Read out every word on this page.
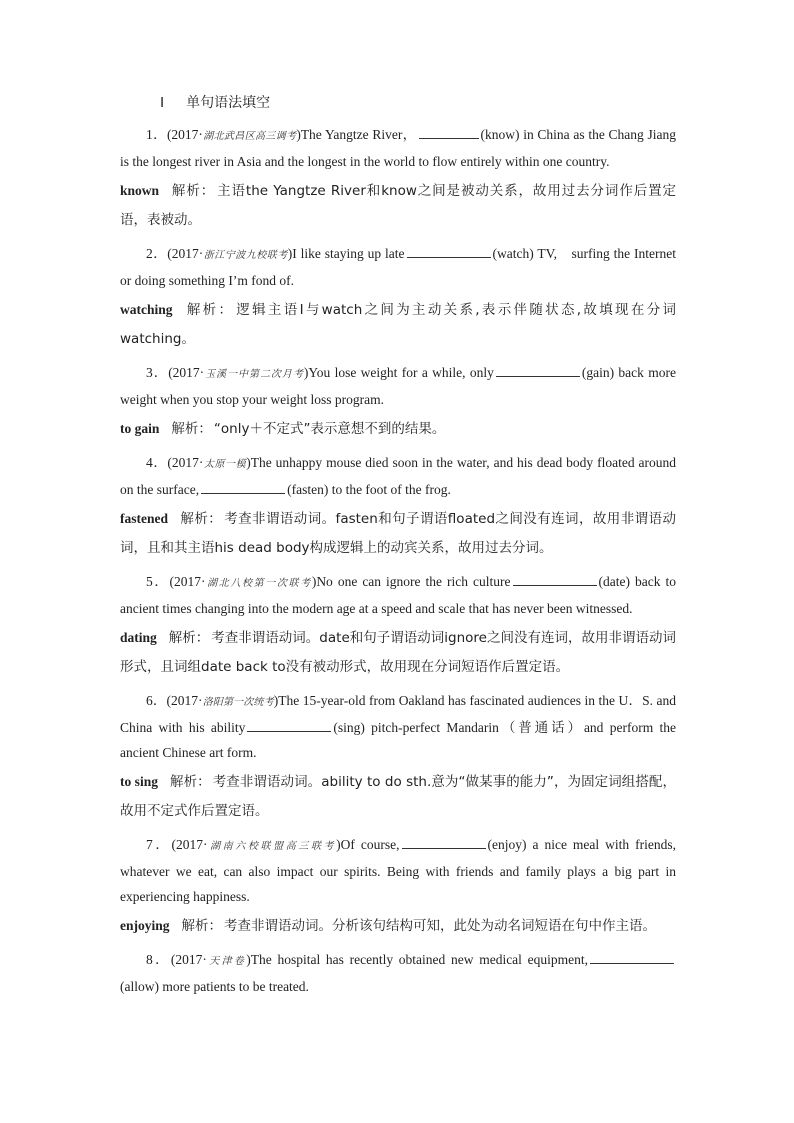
Ⅰ 单句语法填空

1．(2017·湖北武昌区高三调考)The Yangtze River，	(know) in China as the Chang Jiang is the longest river in Asia and the longest in the world to flow entirely within one country.

known 解析： 主语the Yangtze River和know之间是被动关系，故用过去分词作后置定语，表被动。

2．(2017·浙江宁波九校联考)I like staying up late	(watch) TV,　surfing the Internet or doing something I’m fond of.

watching 解析： 逻辑主语I与watch之间为主动关系,表示伴随状态,故填现在分词watching。

3．(2017·玉溪一中第二次月考)You lose weight for a while, only	(gain) back more weight when you stop your weight loss program.

to gain 解析： “only＋不定式”表示意想不到的结果。

4．(2017·太原一模)The unhappy mouse died soon in the water, and his dead body floated around on the surface,	(fasten) to the foot of the frog.

fastened 解析： 考查非谓语动词。fasten和句子谓语floated之间没有连词，故用非谓语动词，且和其主语his dead body构成逻辑上的动宾关系，故用过去分词。

5．(2017·湖北八校第一次联考)No one can ignore the rich culture	(date) back to ancient times changing into the modern age at a speed and scale that has never been witnessed.

dating 解析： 考查非谓语动词。date和句子谓语动词ignore之间没有连词，故用非谓语动词形式，且词组date back to没有被动形式，故用现在分词短语作后置定语。

6．(2017·洛阳第一次统考)The 15-year-old from Oakland has fascinated audiences in the U．S. and China with his ability	(sing) pitch-perfect Mandarin（普通话）and perform the ancient Chinese art form.

to sing 解析： 考查非谓语动词。ability to do sth.意为“做某事的能力”，为固定词组搭配，故用不定式作后置定语。

7．(2017·湖南六校联盟高三联考)Of course,	(enjoy) a nice meal with friends, whatever we eat, can also impact our spirits. Being with friends and family plays a big part in experiencing happiness.

enjoying 解析： 考查非谓语动词。分析该句结构可知，此处为动名词短语在句中作主语。

8．(2017·天津卷)The hospital has recently obtained new medical equipment,(allow) more patients to be treated.
